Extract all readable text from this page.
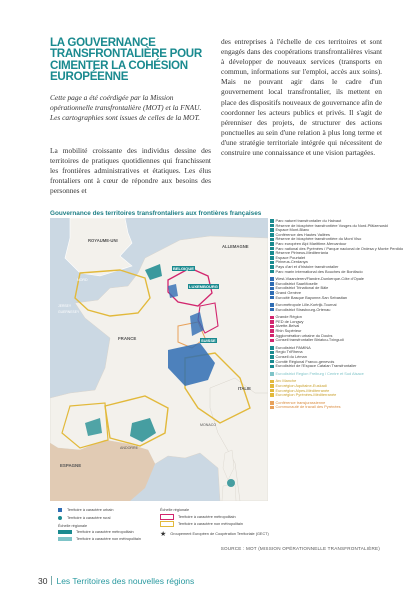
LA GOUVERNANCE TRANSFRONTALIÈRE POUR CIMENTER LA COHÉSION EUROPÉENNE

Cette page a été coérdigée par la Mission opérationnelle transfrontalière (MOT) et la FNAU. Les cartographies sont issues de celles de la MOT.

La mobilité croissante des individus dessine des territoires de pratiques quotidiennes qui franchissent les frontières administratives et étatiques. Les élus frontaliers ont à cœur de répondre aux besoins des personnes et

des entreprises à l'échelle de ces territoires et sont engagés dans des coopérations transfrontalières visant à développer de nouveaux services (transports en commun, informations sur l'emploi, accès aux soins). Mais ne pouvant agir dans le cadre d'un gouvernement local transfrontalier, ils mettent en place des dispositifs nouveaux de gouvernance afin de coordonner les acteurs publics et privés. Il s'agit de pérenniser des projets, de structurer des actions ponctuelles au sein d'une relation à plus long terme et d'une stratégie territoriale intégrée qui nécessitent de construire une connaissance et une vision partagées.

Gouvernance des territoires transfrontaliers aux frontières françaises
ROYAUME-UNI
ALLEMAGNE
BELGIQUE
LUXEMBOURG
FRANCE	SUISSE
ITALIE
ESPAGNE
MONACO
ANDORRE
JERSEY
GUERNESEY
NORD
Parc naturel transfrontalier du Hainaut
Réserve de biosphère transfrontière Vosges du Nord-Pfälzerwald
Espace Mont-Blanc
Conférence des Hautes Vallées
Réserve de biosphère transfrontière du Mont Viso
Parc européen Alpi Marittime-Mercantour
Parc national des Pyrénées / Parque nacional de Ordesa y Monte Perdido
Réserve Pirineus-Mediterrània
Espace Pourtalet
Pirineus-Cerdanya
Pays d'art et d'histoire transfrontalier
Parc marin international des Bouches de Bonifacio
West-Vlaanderen/Flandre-Dunkerque-Côte d'Opale
Eurodistrict SaarMoselle
Eurodistrict Trinational de Bâle
Grand Genève
Eurocité Basque Bayonne-San Sebastian
Eurométropole Lille-Kortrijk-Tournai
Eurodistrict Strasbourg-Ortenau
Grande Région
PED de Longwy
Alzette-Belval
Rhin Supérieur
Agglomération urbaine du Doubs
Conseil transfrontalier Biriatou-Txingudi
Eurodistrict PAMINA
Regio TriRhena
Conseil du Léman
Comité Régional Franco-genevois
Eurodistrict de l'Espace Catalan Transfrontalier
Eurodistrict Region Freiburg / Centre et Sud Alsace
Arc Manche
Eurorégion Aquitaine-Euskadi
Eurorégion Alpes-Méditerranée
Eurorégion Pyrénées-Méditerranée
Conférence transjurassienne
Communauté de travail des Pyrénées
Territoire à caractère urbain
Territoire à caractère rural
Échelle régionale
Territoire à caractère métropolitain
Territoire à caractère non métropolitain
Échelle régionale
Territoire à caractère métropolitain
Territoire à caractère non métropolitain
★ Groupement Européen de Coopération Territoriale (GECT)
SOURCE : MOT (MISSION OPÉRATIONNELLE TRANSFRONTALIÈRE)
30 Les Territoires des nouvelles régions
